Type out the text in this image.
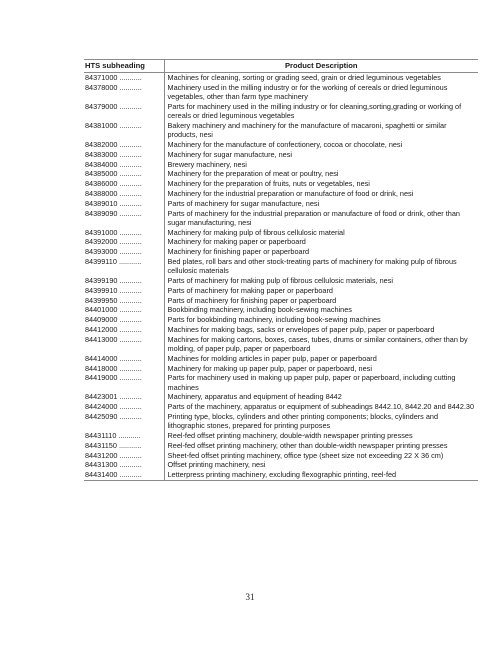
HTS subheading	Product Description
84371000 ...........	Machines for cleaning, sorting or grading seed, grain or dried leguminous vegetables
84378000 ...........	Machinery used in the milling industry or for the working of cereals or dried leguminous vegetables, other than farm type machinery
84379000 ...........	Parts for machinery used in the milling industry or for cleaning,sorting,grading or working of cereals or dried leguminous vegetables
84381000 ...........	Bakery machinery and machinery for the manufacture of macaroni, spaghetti or similar products, nesi
84382000 ...........	Machinery for the manufacture of confectionery, cocoa or chocolate, nesi
84383000 ...........	Machinery for sugar manufacture, nesi
84384000 ...........	Brewery machinery, nesi
84385000 ...........	Machinery for the preparation of meat or poultry, nesi
84386000 ...........	Machinery for the preparation of fruits, nuts or vegetables, nesi
84388000 ...........	Machinery for the industrial preparation or manufacture of food or drink, nesi
84389010 ...........	Parts of machinery for sugar manufacture, nesi
84389090 ...........	Parts of machinery for the industrial preparation or manufacture of food or drink, other than sugar manufacturing, nesi
84391000 ...........	Machinery for making pulp of fibrous cellulosic material
84392000 ...........	Machinery for making paper or paperboard
84393000 ...........	Machinery for finishing paper or paperboard
84399110 ...........	Bed plates, roll bars and other stock-treating parts of machinery for making pulp of fibrous cellulosic materials
84399190 ...........	Parts of machinery for making pulp of fibrous cellulosic materials, nesi
84399910 ...........	Parts of machinery for making paper or paperboard
84399950 ...........	Parts of machinery for finishing paper or paperboard
84401000 ...........	Bookbinding machinery, including book-sewing machines
84409000 ...........	Parts for bookbinding machinery, including book-sewing machines
84412000 ...........	Machines for making bags, sacks or envelopes of paper pulp, paper or paperboard
84413000 ...........	Machines for making cartons, boxes, cases, tubes, drums or similar containers, other than by molding, of paper pulp, paper or paperboard
84414000 ...........	Machines for molding articles in paper pulp, paper or paperboard
84418000 ...........	Machinery for making up paper pulp, paper or paperboard, nesi
84419000 ...........	Parts for machinery used in making up paper pulp, paper or paperboard, including cutting machines
84423001 ...........	Machinery, apparatus and equipment of heading 8442
84424000 ...........	Parts of the machinery, apparatus or equipment of subheadings 8442.10, 8442.20 and 8442.30
84425090 ...........	Printing type, blocks, cylinders and other printing components; blocks, cylinders and lithographic stones, prepared for printing purposes
84431110 ...........	Reel-fed offset printing machinery, double-width newspaper printing presses
84431150 ...........	Reel-fed offset printing machinery, other than double-width newspaper printing presses
84431200 ...........	Sheet-fed offset printing machinery, office type (sheet size not exceeding 22 X 36 cm)
84431300 ...........	Offset printing machinery, nesi
84431400 ...........	Letterpress printing machinery, excluding flexographic printing, reel-fed
31
